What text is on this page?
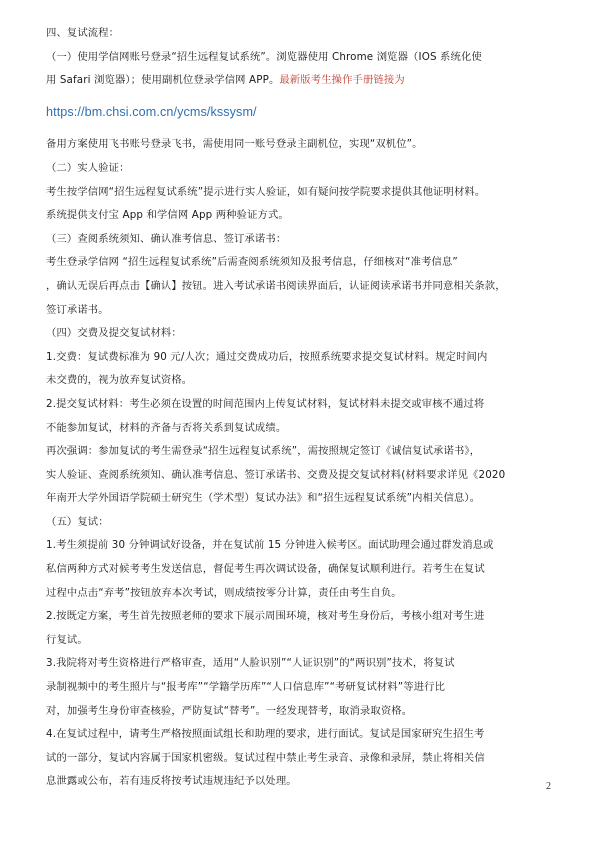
四、复试流程：
（一）使用学信网账号登录“招生远程复试系统”。浏览器使用 Chrome 浏览器（IOS 系统化使
用 Safari 浏览器）；使用副机位登录学信网 APP。最新版考生操作手册链接为
https://bm.chsi.com.cn/ycms/kssysm/
备用方案使用飞书账号登录飞书，需使用同一账号登录主副机位，实现“双机位”。
（二）实人验证：
考生按学信网“招生远程复试系统”提示进行实人验证，如有疑问按学院要求提供其他证明材料。
系统提供支付宝 App 和学信网 App 两种验证方式。
（三）查阅系统须知、确认准考信息、签订承诺书：
考生登录学信网 “招生远程复试系统”后需查阅系统须知及报考信息，仔细核对“准考信息”
，确认无误后再点击【确认】按钮。进入考试承诺书阅读界面后，认证阅读承诺书并同意相关条款，
签订承诺书。
（四）交费及提交复试材料：
1.交费：复试费标准为 90 元/人次；通过交费成功后，按照系统要求提交复试材料。规定时间内
未交费的，视为放弃复试资格。
2.提交复试材料：考生必须在设置的时间范围内上传复试材料，复试材料未提交或审核不通过将
不能参加复试，材料的齐备与否将关系到复试成绩。
再次强调：参加复试的考生需登录“招生远程复试系统”，需按照规定签订《诚信复试承诺书》，
实人验证、查阅系统须知、确认准考信息、签订承诺书、交费及提交复试材料(材料要求详见《2020
年南开大学外国语学院硕士研究生（学术型）复试办法》和“招生远程复试系统”内相关信息）。
（五）复试：
1.考生须提前 30 分钟调试好设备，并在复试前 15 分钟进入候考区。面试助理会通过群发消息或
私信两种方式对候考考生发送信息，督促考生再次调试设备，确保复试顺利进行。若考生在复试
过程中点击“弃考”按钮放弃本次考试，则成绩按零分计算，责任由考生自负。
2.按既定方案，考生首先按照老师的要求下展示周围环境，核对考生身份后，考核小组对考生进
行复试。
3.我院将对考生资格进行严格审查，适用“人脸识别”“人证识别”的“两识别”技术，将复试
录制视频中的考生照片与“报考库”“学籍学历库”“人口信息库”“考研复试材料”等进行比
对，加强考生身份审查核验，严防复试“替考”。一经发现替考，取消录取资格。
4.在复试过程中，请考生严格按照面试组长和助理的要求，进行面试。复试是国家研究生招生考
试的一部分，复试内容属于国家机密级。复试过程中禁止考生录音、录像和录屏，禁止将相关信
息泄露或公布，若有违反将按考试违规违纪予以处理。	2
